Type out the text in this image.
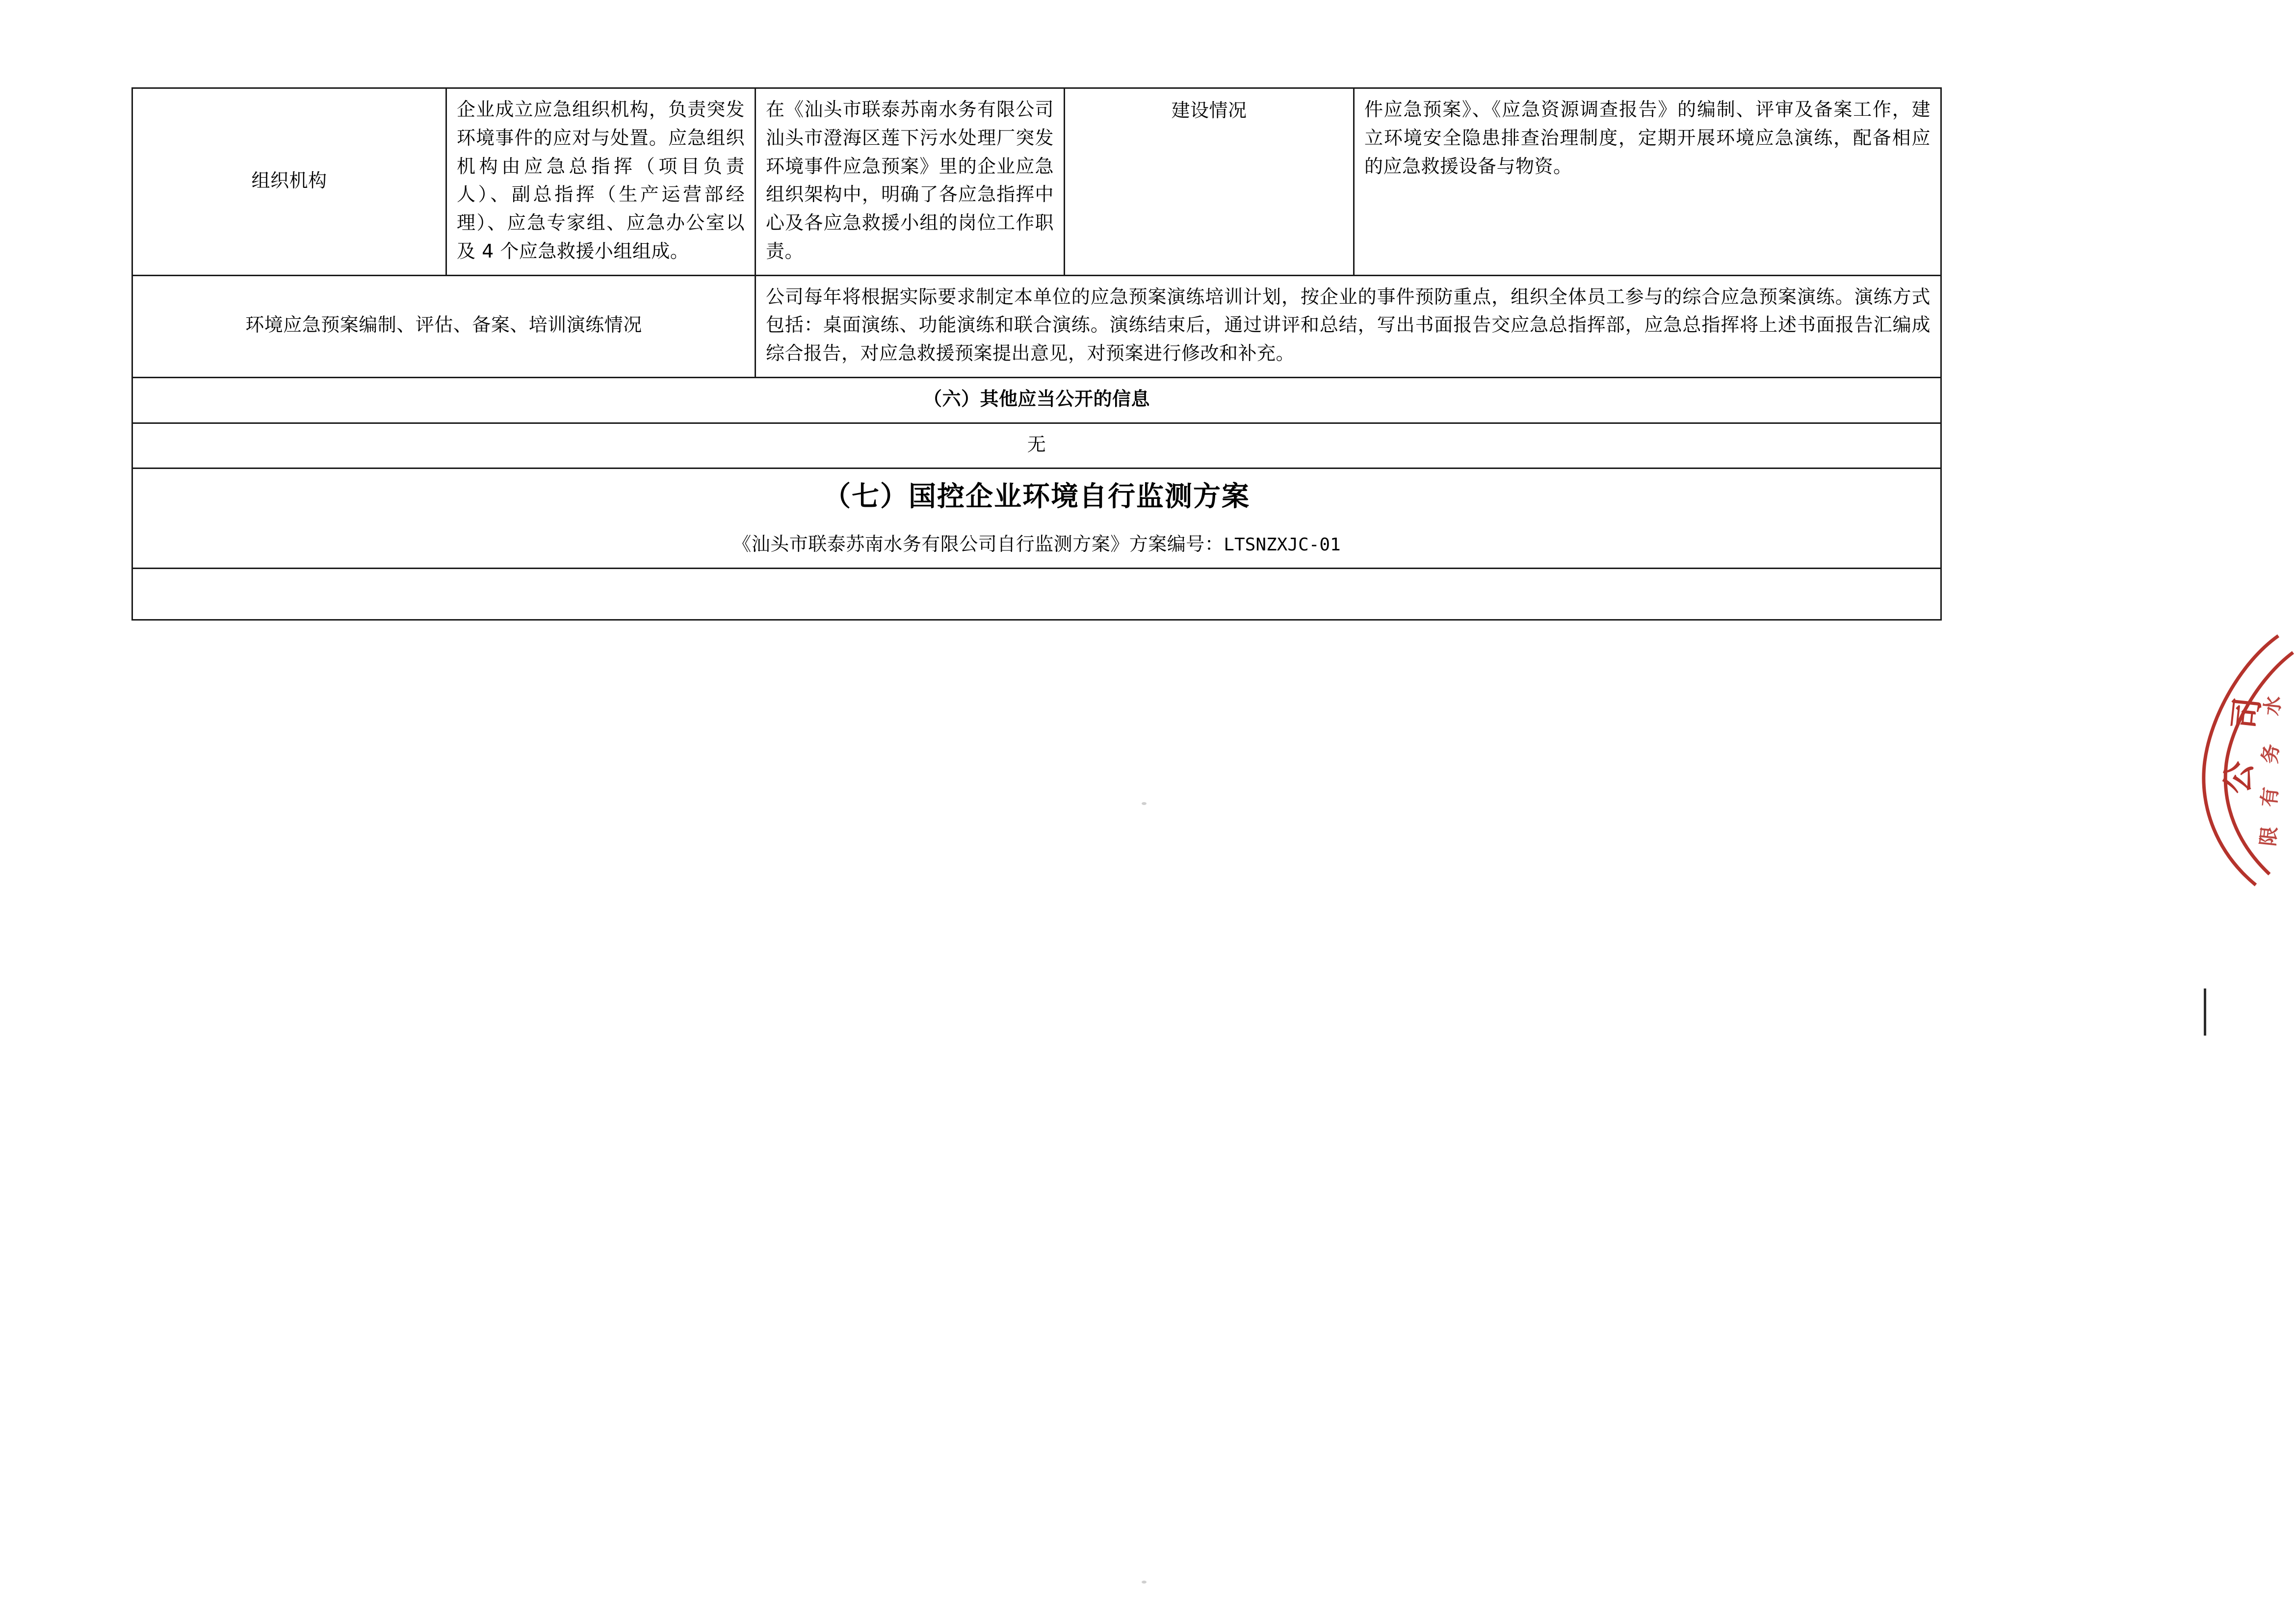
组织机构	企业成立应急组织机构，负责突发环境事件的应对与处置。应急组织机构由应急总指挥（项目负责人）、副总指挥（生产运营部经理）、应急专家组、应急办公室以及 4 个应急救援小组组成。	在《汕头市联泰苏南水务有限公司汕头市澄海区莲下污水处理厂突发环境事件应急预案》里的企业应急组织架构中，明确了各应急指挥中心及各应急救援小组的岗位工作职责。	建设情况	件应急预案》、《应急资源调查报告》的编制、评审及备案工作，建立环境安全隐患排查治理制度，定期开展环境应急演练，配备相应的应急救援设备与物资。
环境应急预案编制、评估、备案、培训演练情况		公司每年将根据实际要求制定本单位的应急预案演练培训计划，按企业的事件预防重点，组织全体员工参与的综合应急预案演练。演练方式包括：桌面演练、功能演练和联合演练。演练结束后，通过讲评和总结，写出书面报告交应急总指挥部，应急总指挥将上述书面报告汇编成综合报告，对应急救援预案提出意见，对预案进行修改和补充。		
（六）其他应当公开的信息				
无				

（七）国控企业环境自行监测方案
《汕头市联泰苏南水务有限公司自行监测方案》方案编号：LTSNZXJC-01				

司
公
水
务
有
限
